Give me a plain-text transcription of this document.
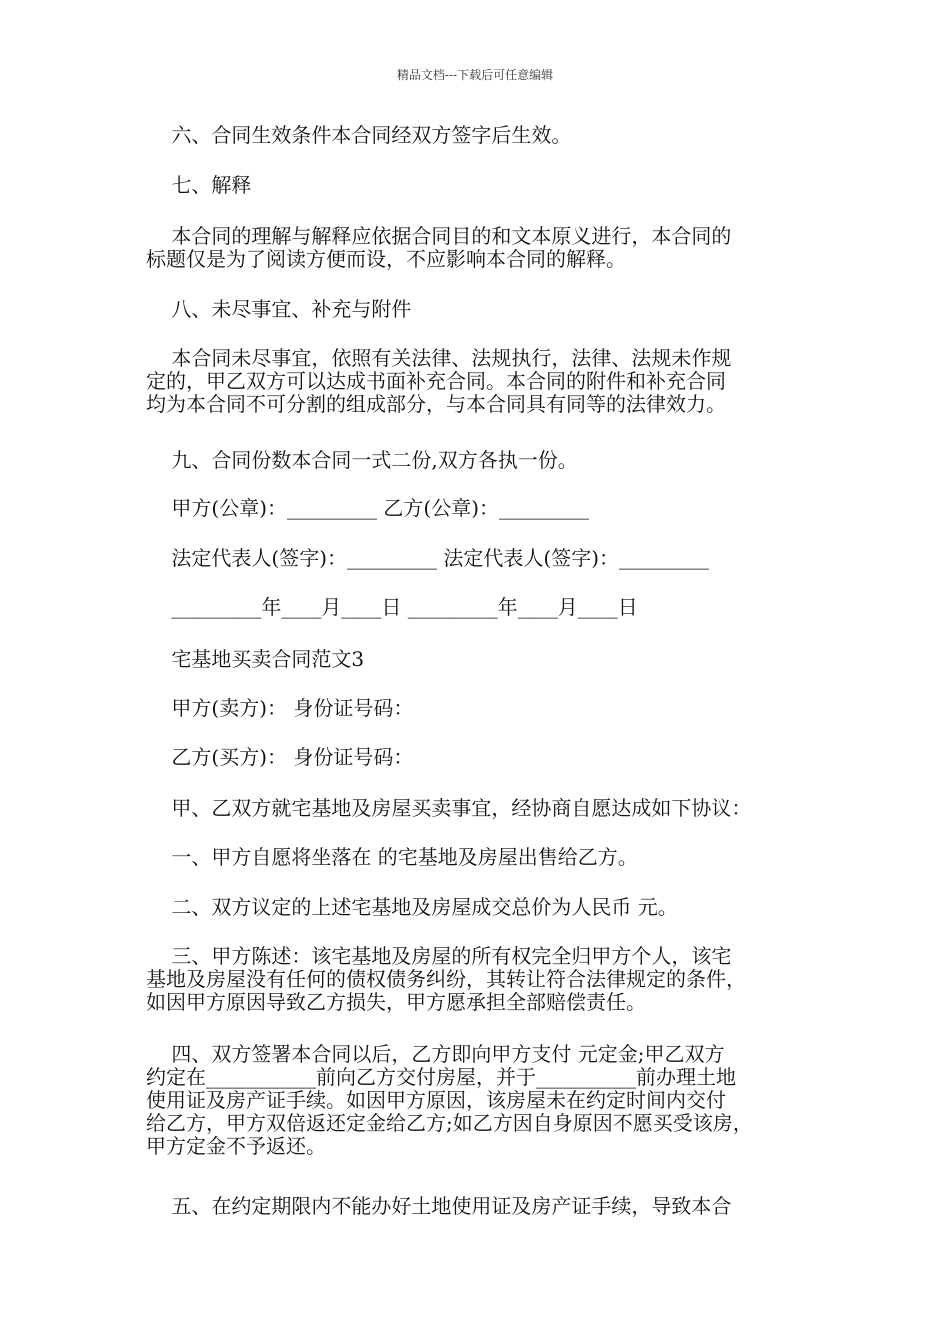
精品文档---下载后可任意编辑
六、合同生效条件本合同经双方签字后生效。
七、解释
本合同的理解与解释应依据合同目的和文本原义进行，本合同的
标题仅是为了阅读方便而设，不应影响本合同的解释。
八、未尽事宜、补充与附件
本合同未尽事宜，依照有关法律、法规执行，法律、法规未作规
定的，甲乙双方可以达成书面补充合同。本合同的附件和补充合同
均为本合同不可分割的组成部分，与本合同具有同等的法律效力。
九、合同份数本合同一式二份,双方各执一份。
甲方(公章)：_________ 乙方(公章)：_________
法定代表人(签字)：_________ 法定代表人(签字)：_________
_________年____月____日 _________年____月____日
宅基地买卖合同范文3
甲方(卖方)： 身份证号码：
乙方(买方)： 身份证号码：
甲、乙双方就宅基地及房屋买卖事宜，经协商自愿达成如下协议：
一、甲方自愿将坐落在 的宅基地及房屋出售给乙方。
二、双方议定的上述宅基地及房屋成交总价为人民币 元。
三、甲方陈述：该宅基地及房屋的所有权完全归甲方个人，该宅
基地及房屋没有任何的债权债务纠纷，其转让符合法律规定的条件，
如因甲方原因导致乙方损失，甲方愿承担全部赔偿责任。
四、双方签署本合同以后，乙方即向甲方支付 元定金;甲乙双方
约定在___________前向乙方交付房屋，并于__________前办理土地
使用证及房产证手续。如因甲方原因，该房屋未在约定时间内交付
给乙方，甲方双倍返还定金给乙方;如乙方因自身原因不愿买受该房，
甲方定金不予返还。
五、在约定期限内不能办好土地使用证及房产证手续，导致本合
